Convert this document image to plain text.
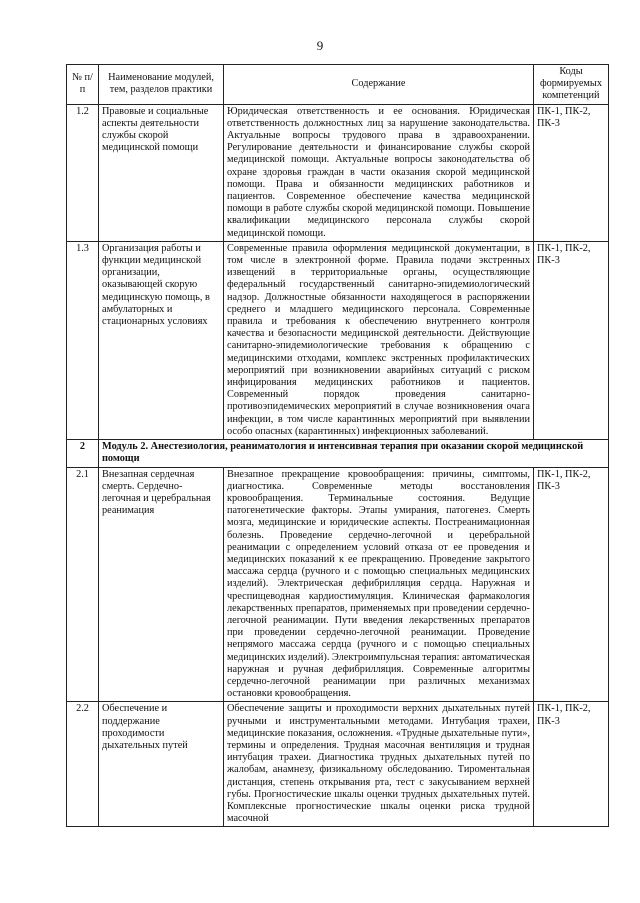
9
№ п/п	Наименование модулей, тем, разделов практики	Содержание	Коды формируемых компетенций
1.2	Правовые и социальные аспекты деятельности службы скорой медицинской помощи	Юридическая ответственность и ее основания. Юридическая ответственность должностных лиц за нарушение законодательства. Актуальные вопросы трудового права в здравоохранении. Регулирование деятельности и финансирование службы скорой медицинской помощи. Актуальные вопросы законодательства об охране здоровья граждан в части оказания скорой медицинской помощи. Права и обязанности медицинских работников и пациентов. Современное обеспечение качества медицинской помощи в работе службы скорой медицинской помощи. Повышение квалификации медицинского персонала службы скорой медицинской помощи.	ПК-1, ПК-2, ПК-3
1.3	Организация работы и функции медицинской организации, оказывающей скорую медицинскую помощь, в амбулаторных и стационарных условиях	Современные правила оформления медицинской документации, в том числе в электронной форме. Правила подачи экстренных извещений в территориальные органы, осуществляющие федеральный государственный санитарно-эпидемиологический надзор. Должностные обязанности находящегося в распоряжении среднего и младшего медицинского персонала. Современные правила и требования к обеспечению внутреннего контроля качества и безопасности медицинской деятельности. Действующие санитарно-эпидемиологические требования к обращению с медицинскими отходами, комплекс экстренных профилактических мероприятий при возникновении аварийных ситуаций с риском инфицирования медицинских работников и пациентов. Современный порядок проведения санитарно-противоэпидемических мероприятий в случае возникновения очага инфекции, в том числе карантинных мероприятий при выявлении особо опасных (карантинных) инфекционных заболеваний.	ПК-1, ПК-2, ПК-3
2	Модуль 2. Анестезиология, реаниматология и интенсивная терапия при оказании скорой медицинской помощи		
2.1	Внезапная сердечная смерть. Сердечно-легочная и церебральная реанимация	Внезапное прекращение кровообращения: причины, симптомы, диагностика. Современные методы восстановления кровообращения. Терминальные состояния. Ведущие патогенетические факторы. Этапы умирания, патогенез. Смерть мозга, медицинские и юридические аспекты. Постреанимационная болезнь. Проведение сердечно-легочной и церебральной реанимации с определением условий отказа от ее проведения и медицинских показаний к ее прекращению. Проведение закрытого массажа сердца (ручного и с помощью специальных медицинских изделий). Электрическая дефибрилляция сердца. Наружная и чреспищеводная кардиостимуляция. Клиническая фармакология лекарственных препаратов, применяемых при проведении сердечно-легочной реанимации. Пути введения лекарственных препаратов при проведении сердечно-легочной реанимации. Проведение непрямого массажа сердца (ручного и с помощью специальных медицинских изделий). Электроимпульсная терапия: автоматическая наружная и ручная дефибрилляция. Современные алгоритмы сердечно-легочной реанимации при различных механизмах остановки кровообращения.	ПК-1, ПК-2, ПК-3
2.2	Обеспечение и поддержание проходимости дыхательных путей	Обеспечение защиты и проходимости верхних дыхательных путей ручными и инструментальными методами. Интубация трахеи, медицинские показания, осложнения. «Трудные дыхательные пути», термины и определения. Трудная масочная вентиляция и трудная интубация трахеи. Диагностика трудных дыхательных путей по жалобам, анамнезу, физикальному обследованию. Тироментальная дистанция, степень открывания рта, тест с закусыванием верхней губы. Прогностические шкалы оценки трудных дыхательных путей. Комплексные прогностические шкалы оценки риска трудной масочной	ПК-1, ПК-2, ПК-3
